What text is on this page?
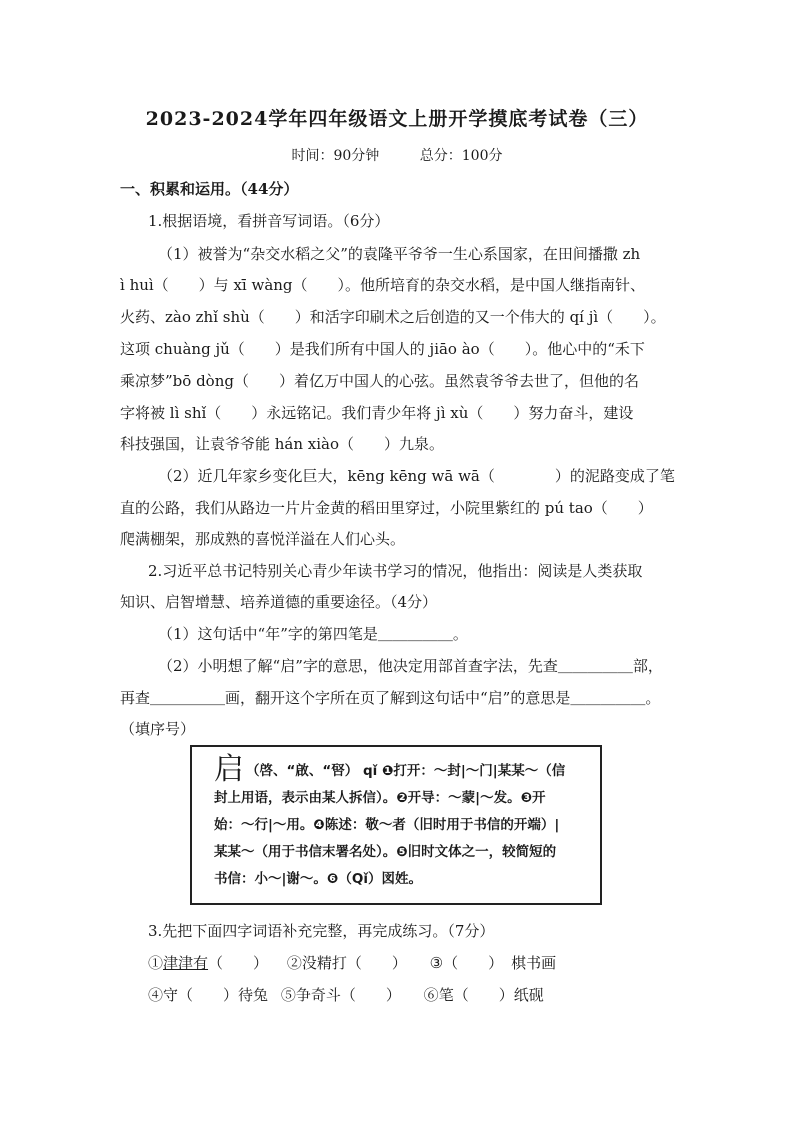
2023-2024学年四年级语文上册开学摸底考试卷（三）
时间：90分钟	总分：100分
一、积累和运用。（44分）
1.根据语境，看拼音写词语。（6分）
（1）被誉为“杂交水稻之父”的袁隆平爷爷一生心系国家，在田间播撒 zh
ì huì（　　）与 xī wàng（　　）。他所培育的杂交水稻，是中国人继指南针、
火药、zào zhǐ shù（　　）和活字印刷术之后创造的又一个伟大的 qí jì（　　）。
这项 chuàng jǔ（　　）是我们所有中国人的 jiāo ào（　　）。他心中的“禾下
乘凉梦”bō dòng（　　）着亿万中国人的心弦。虽然袁爷爷去世了，但他的名
字将被 lì shǐ（　　）永远铭记。我们青少年将 jì xù（　　）努力奋斗，建设
科技强国，让袁爷爷能 hán xiào（　　）九泉。
（2）近几年家乡变化巨大，kēng kēng wā wā（　　　　）的泥路变成了笔
直的公路，我们从路边一片片金黄的稻田里穿过，小院里紫红的 pú tao（　　）
爬满棚架，那成熟的喜悦洋溢在人们心头。
2.习近平总书记特别关心青少年读书学习的情况，他指出：阅读是人类获取
知识、启智增慧、培养道德的重要途径。（4分）
（1）这句话中“年”字的第四笔是＿＿＿＿＿。
（2）小明想了解“启”字的意思，他决定用部首查字法，先查＿＿＿＿＿部，
再查＿＿＿＿＿画，翻开这个字所在页了解到这句话中“启”的意思是＿＿＿＿＿。
（填序号）
启 （啓、“啟、“唘） qǐ ❶打开：～封|～门|某某～（信
封上用语，表示由某人拆信）。❷开导：～蒙|～发。❸开
始：～行|～用。❹陈述：敬～者（旧时用于书信的开端）|
某某～（用于书信末署名处）。❺旧时文体之一，较简短的
书信：小～|谢～。❻（Qǐ）図姓。
3.先把下面四字词语补充完整，再完成练习。（7分）
①津津有（　　） ②没精打（　　） ③（　　） 棋书画
④守（　　）待兔 ⑤争奇斗（　　） ⑥笔（　　）纸砚
